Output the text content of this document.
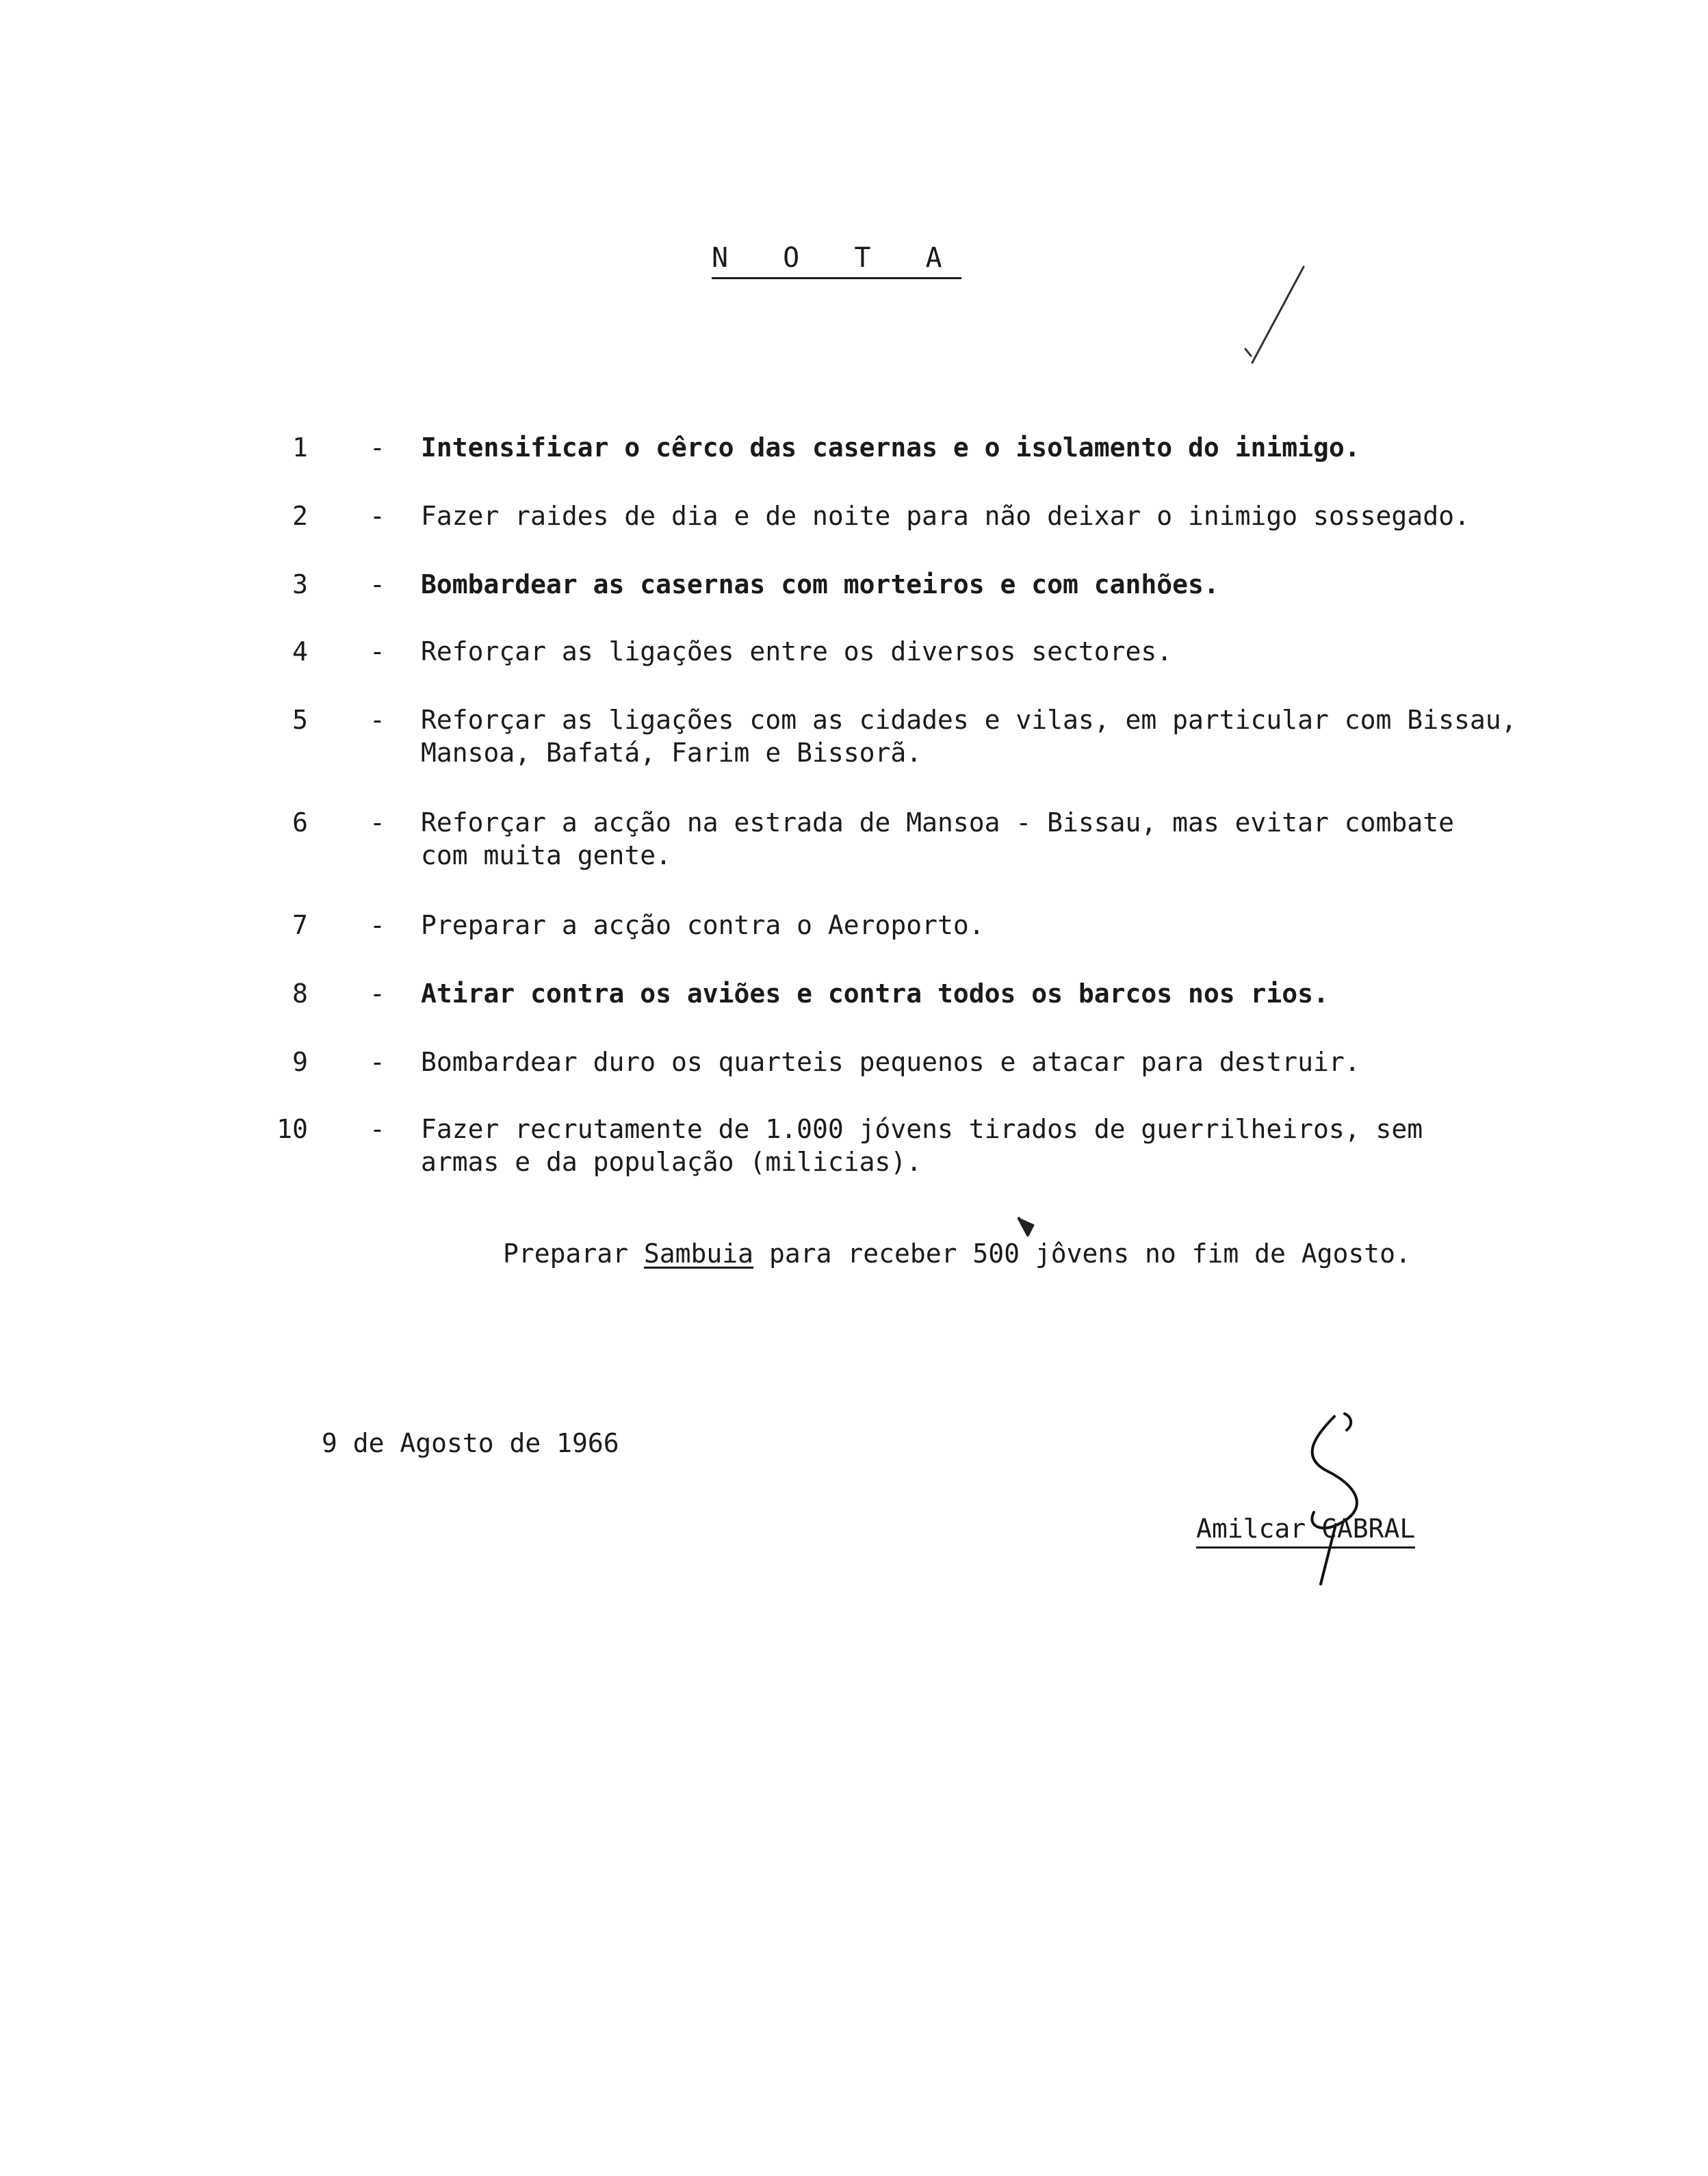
N O T A
1 - Intensificar o cêrco das casernas e o isolamento do inimigo.
2 - Fazer raides de dia e de noite para não deixar o inimigo sossegado.
3 - Bombardear as casernas com morteiros e com canhões.
4 - Reforçar as ligações entre os diversos sectores.
5 - Reforçar as ligações com as cidades e vilas, em particular com Bissau,
Mansoa, Bafatá, Farim e Bissorã.
6 - Reforçar a acção na estrada de Mansoa - Bissau, mas evitar combate
com muita gente.
7 - Preparar a acção contra o Aeroporto.
8 - Atirar contra os aviões e contra todos os barcos nos rios.
9 - Bombardear duro os quarteis pequenos e atacar para destruir.
10 - Fazer recrutamente de 1.000 jóvens tirados de guerrilheiros, sem
armas e da população (milicias).
Preparar Sambuia para receber 500 jôvens no fim de Agosto.
9 de Agosto de 1966
Amilcar CABRAL
